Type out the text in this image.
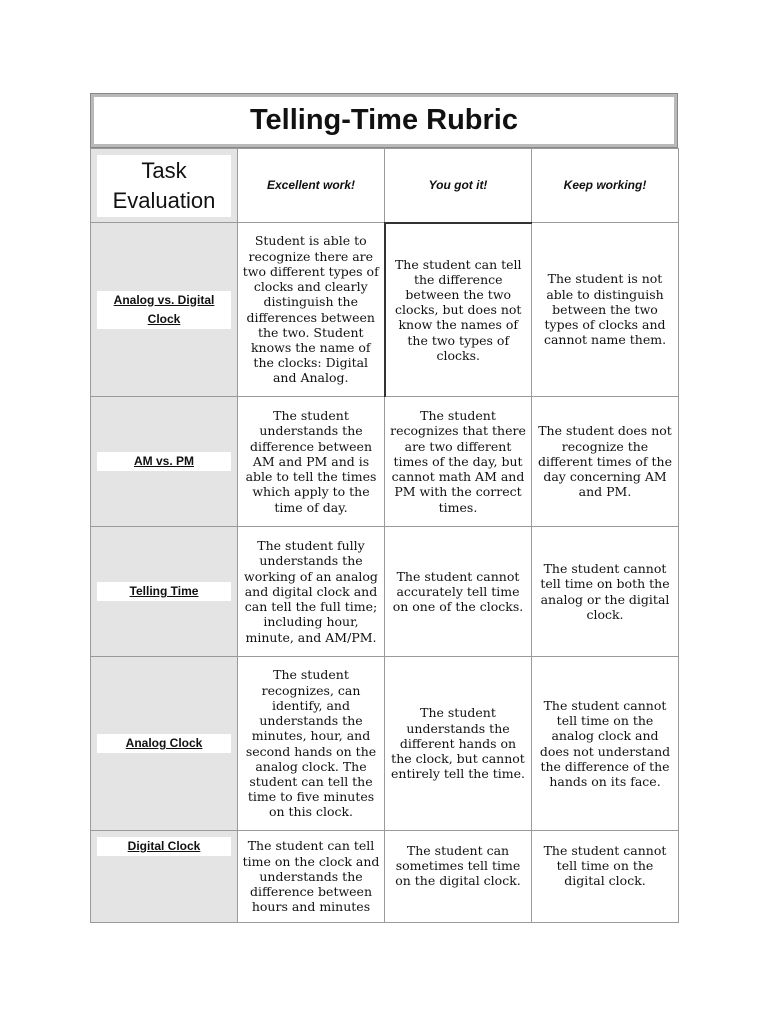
Telling-Time Rubric
Task
Evaluation	Excellent work!	You got it!	Keep working!

Analog vs. Digital Clock	Student is able to recognize there are two different types of clocks and clearly distinguish the differences between the two. Student knows the name of the clocks: Digital and Analog.	The student can tell the difference between the two clocks, but does not know the names of the two types of clocks.	The student is not able to distinguish between the two types of clocks and cannot name them.

AM vs. PM	The student understands the difference between AM and PM and is able to tell the times which apply to the time of day.	The student recognizes that there are two different times of the day, but cannot math AM and PM with the correct times.	The student does not recognize the different times of the day concerning AM and PM.

Telling Time	The student fully understands the working of an analog and digital clock and can tell the full time; including hour, minute, and AM/PM.	The student cannot accurately tell time on one of the clocks.	The student cannot tell time on both the analog or the digital clock.

Analog Clock	The student recognizes, can identify, and understands the minutes, hour, and second hands on the analog clock. The student can tell the time to five minutes on this clock.	The student understands the different hands on the clock, but cannot entirely tell the time.	The student cannot tell time on the analog clock and does not understand the difference of the hands on its face.

Digital Clock	The student can tell time on the clock and understands the difference between hours and minutes	The student can sometimes tell time on the digital clock.	The student cannot tell time on the digital clock.
